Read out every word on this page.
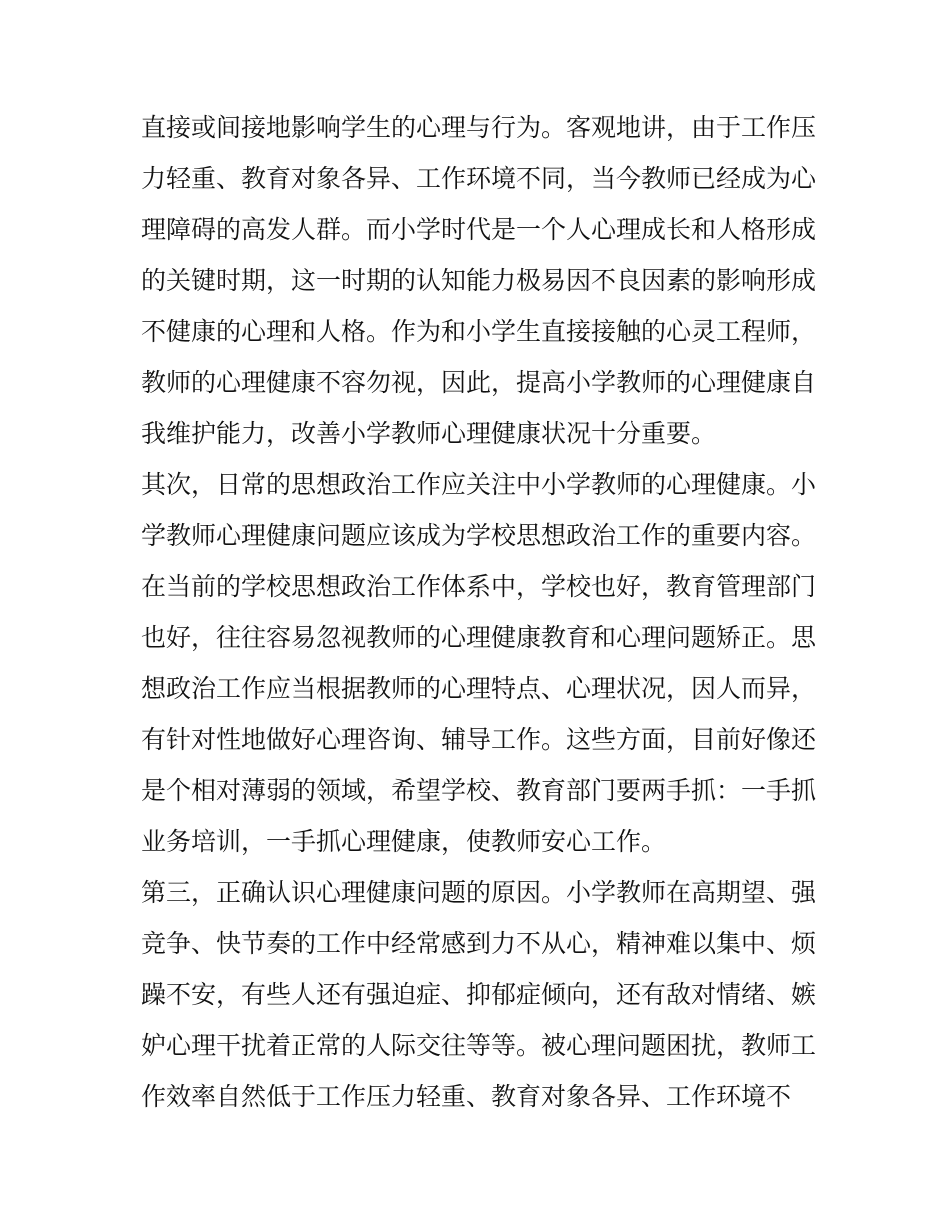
直接或间接地影响学生的心理与行为。客观地讲，由于工作压
力轻重、教育对象各异、工作环境不同，当今教师已经成为心
理障碍的高发人群。而小学时代是一个人心理成长和人格形成
的关键时期，这一时期的认知能力极易因不良因素的影响形成
不健康的心理和人格。作为和小学生直接接触的心灵工程师，
教师的心理健康不容勿视，因此，提高小学教师的心理健康自
我维护能力，改善小学教师心理健康状况十分重要。
其次，日常的思想政治工作应关注中小学教师的心理健康。小
学教师心理健康问题应该成为学校思想政治工作的重要内容。
在当前的学校思想政治工作体系中，学校也好，教育管理部门
也好，往往容易忽视教师的心理健康教育和心理问题矫正。思
想政治工作应当根据教师的心理特点、心理状况，因人而异，
有针对性地做好心理咨询、辅导工作。这些方面，目前好像还
是个相对薄弱的领域，希望学校、教育部门要两手抓：一手抓
业务培训，一手抓心理健康，使教师安心工作。
第三，正确认识心理健康问题的原因。小学教师在高期望、强
竞争、快节奏的工作中经常感到力不从心，精神难以集中、烦
躁不安，有些人还有强迫症、抑郁症倾向，还有敌对情绪、嫉
妒心理干扰着正常的人际交往等等。被心理问题困扰，教师工
作效率自然低于工作压力轻重、教育对象各异、工作环境不
